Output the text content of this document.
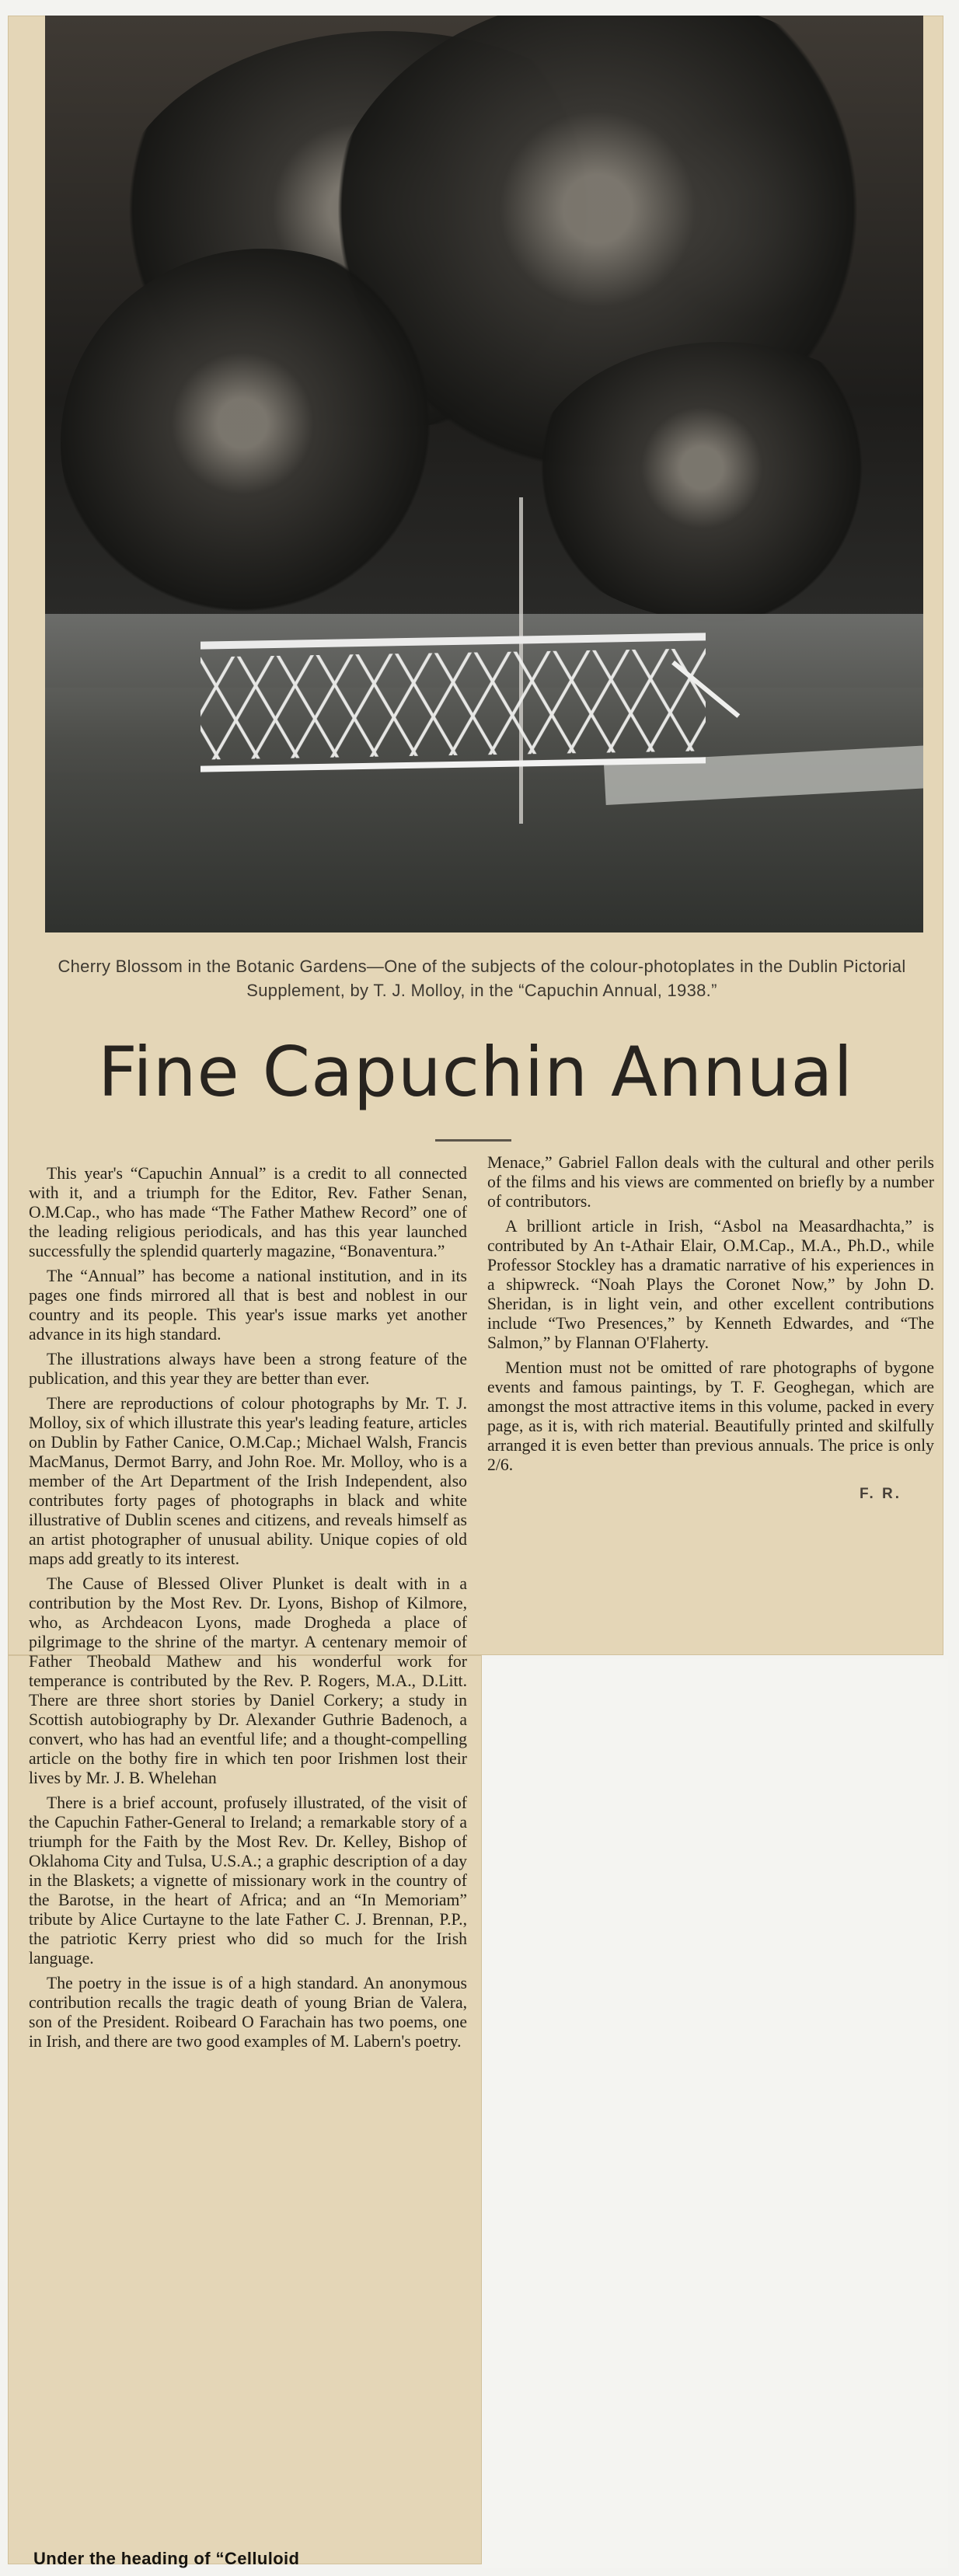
Cherry Blossom in the Botanic Gardens—One of the subjects of the colour-photoplates in the Dublin Pictorial Supplement, by T. J. Molloy, in the “Capuchin Annual, 1938.”
Fine Capuchin Annual

This year's “Capuchin Annual” is a credit to all connected with it, and a triumph for the Editor, Rev. Father Senan, O.M.Cap., who has made “The Father Mathew Record” one of the leading religious periodicals, and has this year launched successfully the splendid quarterly magazine, “Bonaventura.”

The “Annual” has become a national institution, and in its pages one finds mirrored all that is best and noblest in our country and its people. This year's issue marks yet another advance in its high standard.

The illustrations always have been a strong feature of the publication, and this year they are better than ever.

There are reproductions of colour photographs by Mr. T. J. Molloy, six of which illustrate this year's leading feature, articles on Dublin by Father Canice, O.M.Cap.; Michael Walsh, Francis MacManus, Dermot Barry, and John Roe. Mr. Molloy, who is a member of the Art Department of the Irish Independent, also contributes forty pages of photographs in black and white illustrative of Dublin scenes and citizens, and reveals himself as an artist photographer of unusual ability. Unique copies of old maps add greatly to its interest.

The Cause of Blessed Oliver Plunket is dealt with in a contribution by the Most Rev. Dr. Lyons, Bishop of Kilmore, who, as Archdeacon Lyons, made Drogheda a place of pilgrimage to the shrine of the martyr. A centenary memoir of Father Theobald Mathew and his wonderful work for temperance is contributed by the Rev. P. Rogers, M.A., D.Litt. There are three short stories by Daniel Corkery; a study in Scottish autobiography by Dr. Alexander Guthrie Badenoch, a convert, who has had an eventful life; and a thought-compelling article on the bothy fire in which ten poor Irishmen lost their lives by Mr. J. B. Whelehan

There is a brief account, profusely illustrated, of the visit of the Capuchin Father-General to Ireland; a remarkable story of a triumph for the Faith by the Most Rev. Dr. Kelley, Bishop of Oklahoma City and Tulsa, U.S.A.; a graphic description of a day in the Blaskets; a vignette of missionary work in the country of the Barotse, in the heart of Africa; and an “In Memoriam” tribute by Alice Curtayne to the late Father C. J. Brennan, P.P., the patriotic Kerry priest who did so much for the Irish language.

The poetry in the issue is of a high standard. An anonymous contribution recalls the tragic death of young Brian de Valera, son of the President. Roibeard O Farachain has two poems, one in Irish, and there are two good examples of M. Labern's poetry.

Menace,” Gabriel Fallon deals with the cultural and other perils of the films and his views are commented on briefly by a number of contributors.

A brilliont article in Irish, “Asbol na Measardhachta,” is contributed by An t-Athair Elair, O.M.Cap., M.A., Ph.D., while Professor Stockley has a dramatic narrative of his experiences in a shipwreck. “Noah Plays the Coronet Now,” by John D. Sheridan, is in light vein, and other excellent contributions include “Two Presences,” by Kenneth Edwardes, and “The Salmon,” by Flannan O'Flaherty.

Mention must not be omitted of rare photographs of bygone events and famous paintings, by T. F. Geoghegan, which are amongst the most attractive items in this volume, packed in every page, as it is, with rich material. Beautifully printed and skilfully arranged it is even better than previous annuals. The price is only 2/6.

F. R.
Under the heading of “Celluloid
